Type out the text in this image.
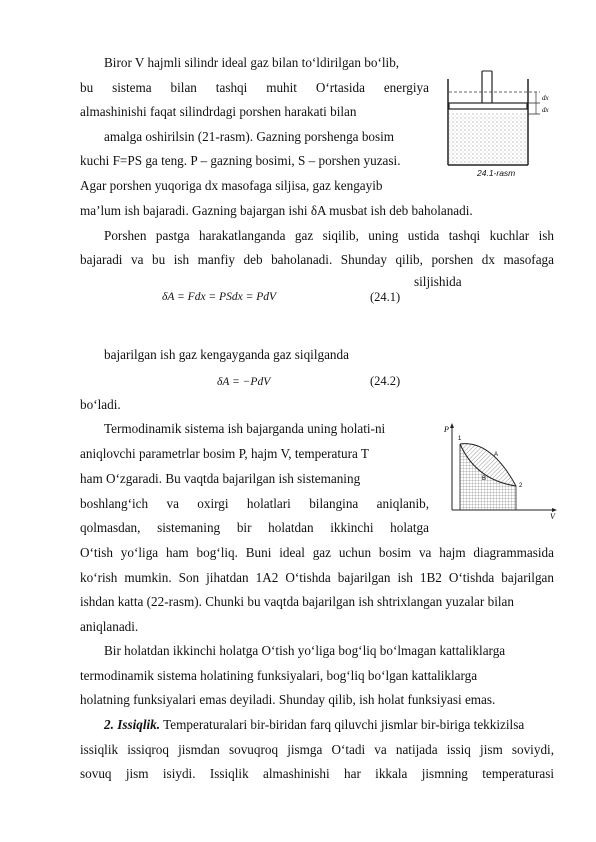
Biror V hajmli silindr ideal gaz bilan to‘ldirilgan bo‘lib,
bu sistema bilan tashqi muhit O‘rtasida energiya
almashinishi faqat silindrdagi porshen harakati bilan
amalga oshirilsin (21-rasm). Gazning porshenga bosim
kuchi F=PS ga teng. P – gazning bosimi, S – porshen yuzasi.
Agar porshen yuqoriga dx masofaga siljisa, gaz kengayib
ma’lum ish bajaradi. Gazning bajargan ishi δA musbat ish deb baholanadi.
Porshen pastga harakatlanganda gaz siqilib, uning ustida tashqi kuchlar ish
bajaradi va bu ish manfiy deb baholanadi. Shunday qilib, porshen dx masofaga
siljishida
δA = Fdx = PSdx = PdV	(24.1)
bajarilgan ish gaz kengayganda gaz siqilganda
δA = −PdV	(24.2)
bo‘ladi.
Termodinamik sistema ish bajarganda uning holati-ni
aniqlovchi parametrlar bosim P, hajm V, temperatura T
ham O‘zgaradi. Bu vaqtda bajarilgan ish sistemaning
boshlang‘ich va oxirgi holatlari bilangina aniqlanib,
qolmasdan, sistemaning bir holatdan ikkinchi holatga
O‘tish yo‘liga ham bog‘liq. Buni ideal gaz uchun bosim va hajm diagrammasida
ko‘rish mumkin. Son jihatdan 1A2 O‘tishda bajarilgan ish 1B2 O‘tishda bajarilgan
ishdan katta (22-rasm). Chunki bu vaqtda bajarilgan ish shtrixlangan yuzalar bilan
aniqlanadi.
Bir holatdan ikkinchi holatga O‘tish yo‘liga bog‘liq bo‘lmagan kattaliklarga
termodinamik sistema holatining funksiyalari, bog‘liq bo‘lgan kattaliklarga
holatning funksiyalari emas deyiladi. Shunday qilib, ish holat funksiyasi emas.
2. Issiqlik. Temperaturalari bir-biridan farq qiluvchi jismlar bir-biriga tekkizilsa
issiqlik issiqroq jismdan sovuqroq jismga O‘tadi va natijada issiq jism soviydi,
sovuq jism isiydi. Issiqlik almashinishi har ikkala jismning temperaturasi
dx
dx
24.1-rasm
P
V
1
2
A
B
